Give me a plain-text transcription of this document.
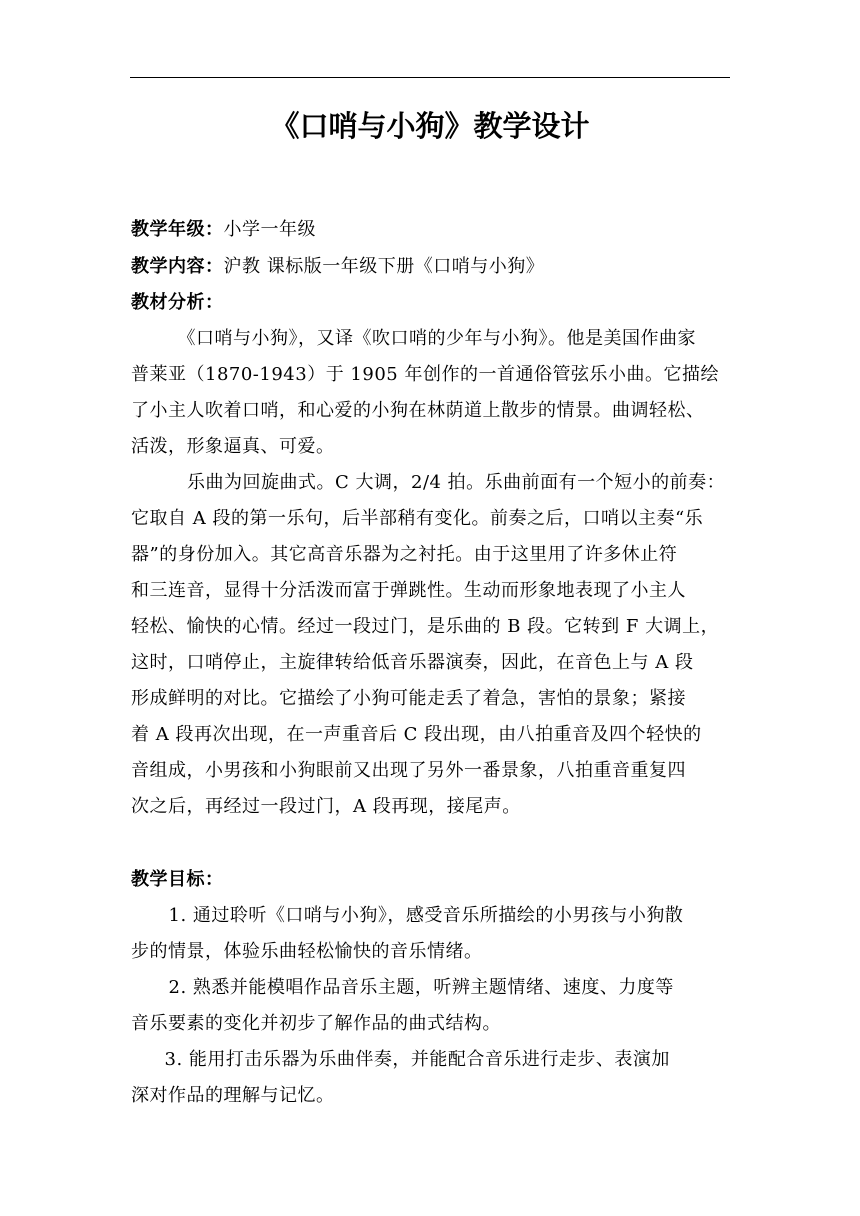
《口哨与小狗》教学设计
教学年级：小学一年级
教学内容：沪教 课标版一年级下册《口哨与小狗》
教材分析：
　《口哨与小狗》，又译《吹口哨的少年与小狗》。他是美国作曲家
普莱亚（1870-1943）于 1905 年创作的一首通俗管弦乐小曲。它描绘
了小主人吹着口哨，和心爱的小狗在林荫道上散步的情景。曲调轻松、
活泼，形象逼真、可爱。
　　乐曲为回旋曲式。C 大调，2/4 拍。乐曲前面有一个短小的前奏：
它取自 A 段的第一乐句，后半部稍有变化。前奏之后，口哨以主奏“乐
器”的身份加入。其它高音乐器为之衬托。由于这里用了许多休止符
和三连音，显得十分活泼而富于弹跳性。生动而形象地表现了小主人
轻松、愉快的心情。经过一段过门，是乐曲的 B 段。它转到 F 大调上，
这时，口哨停止，主旋律转给低音乐器演奏，因此，在音色上与 A 段
形成鲜明的对比。它描绘了小狗可能走丢了着急，害怕的景象；紧接
着 A 段再次出现，在一声重音后 C 段出现，由八拍重音及四个轻快的
音组成，小男孩和小狗眼前又出现了另外一番景象，八拍重音重复四
次之后，再经过一段过门，A 段再现，接尾声。
教学目标：
　1. 通过聆听《口哨与小狗》，感受音乐所描绘的小男孩与小狗散
步的情景，体验乐曲轻松愉快的音乐情绪。
　2. 熟悉并能模唱作品音乐主题，听辨主题情绪、速度、力度等
音乐要素的变化并初步了解作品的曲式结构。
　3. 能用打击乐器为乐曲伴奏，并能配合音乐进行走步、表演加
深对作品的理解与记忆。
